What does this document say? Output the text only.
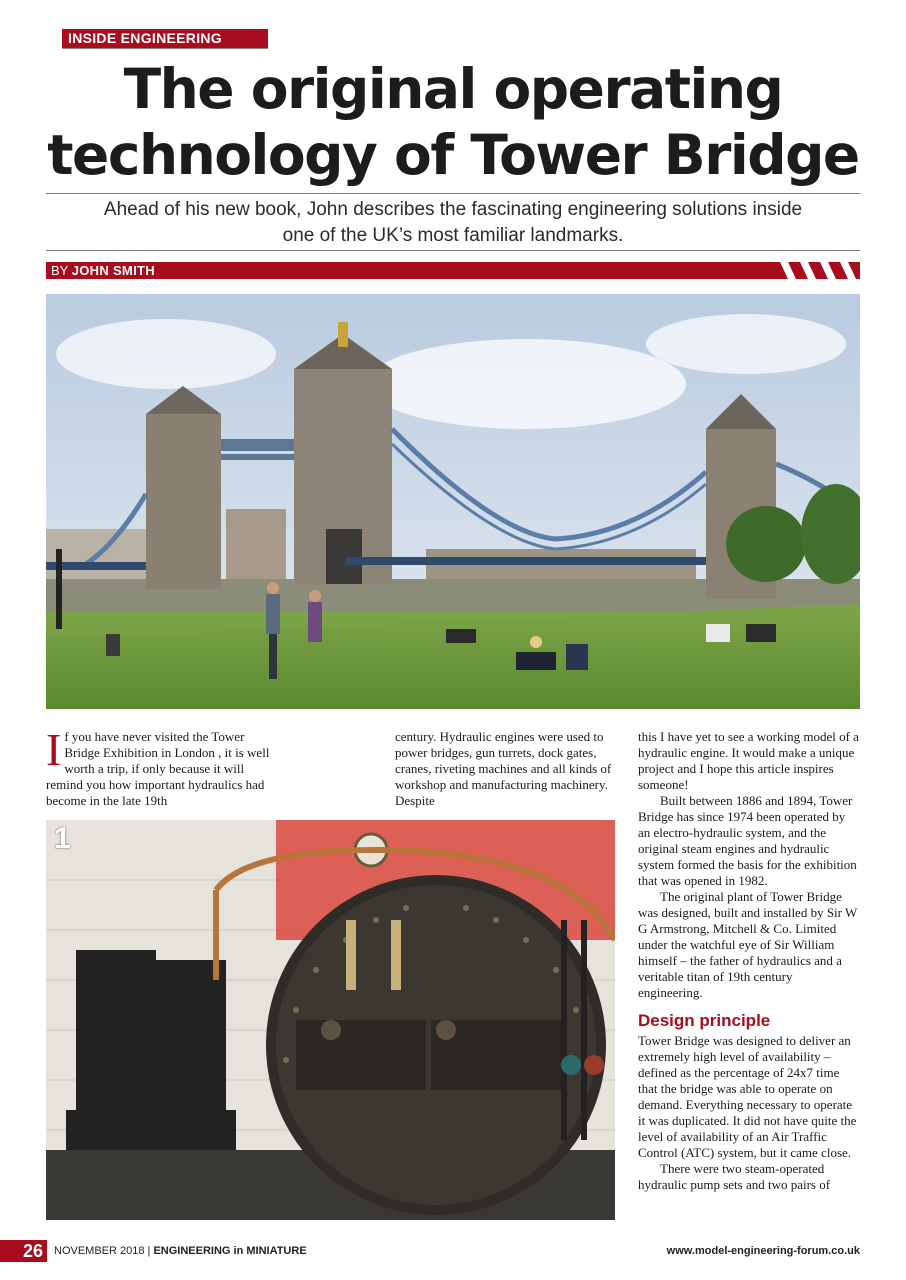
INSIDE ENGINEERING
The original operating
technology of Tower Bridge
Ahead of his new book, John describes the fascinating engineering solutions inside
one of the UK’s most familiar landmarks.
BY JOHN SMITH

If you have never visited the Tower Bridge Exhibition in London , it is well worth a trip, if only because it will remind you how important hydraulics had become in the late 19th

century. Hydraulic engines were used to power bridges, gun turrets, dock gates, cranes, riveting machines and all kinds of workshop and manufacturing machinery. Despite

1

this I have yet to see a working model of a hydraulic engine. It would make a unique project and I hope this article inspires someone!

Built between 1886 and 1894, Tower Bridge has since 1974 been operated by an electro-hydraulic system, and the original steam engines and hydraulic system formed the basis for the exhibition that was opened in 1982.

The original plant of Tower Bridge was designed, built and installed by Sir W G Armstrong, Mitchell & Co. Limited under the watchful eye of Sir William himself – the father of hydraulics and a veritable titan of 19th century engineering.

Design principle

Tower Bridge was designed to deliver an extremely high level of availability – defined as the percentage of 24x7 time that the bridge was able to operate on demand. Everything necessary to operate it was duplicated. It did not have quite the level of availability of an Air Traffic Control (ATC) system, but it came close.

There were two steam-operated hydraulic pump sets and two pairs of

26	NOVEMBER 2018 | ENGINEERING in MINIATURE	www.model-engineering-forum.co.uk
